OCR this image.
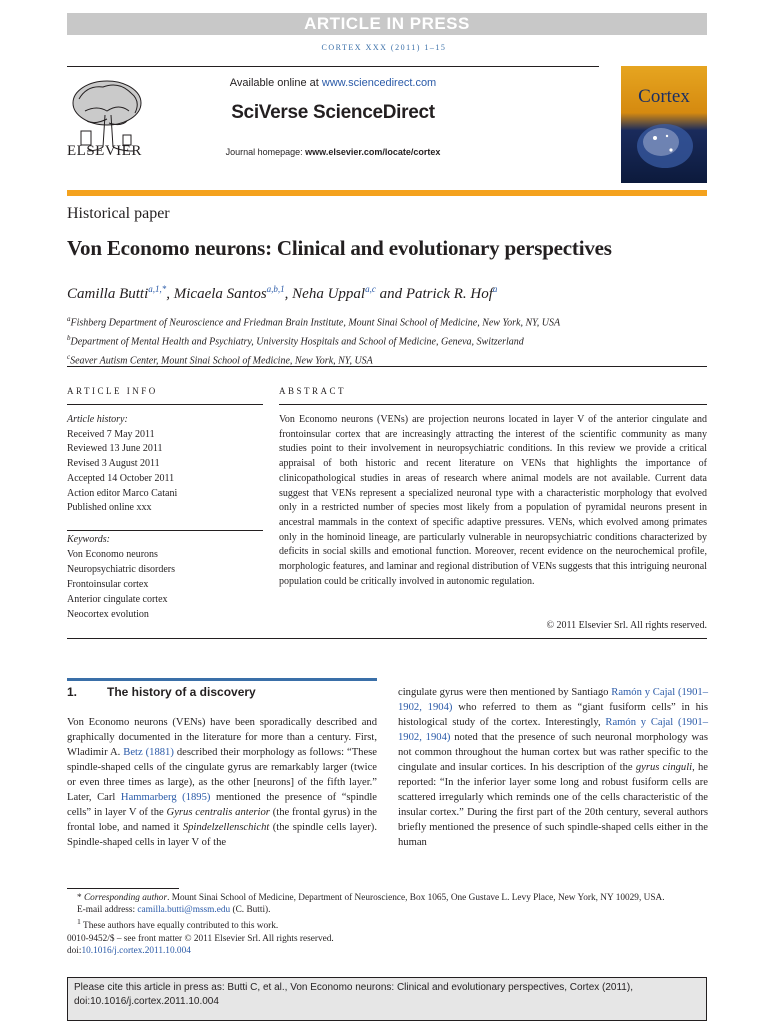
ARTICLE IN PRESS
CORTEX XXX (2011) 1–15
ELSEVIER
Available online at www.sciencedirect.com
SciVerse ScienceDirect
Journal homepage: www.elsevier.com/locate/cortex
Cortex
Historical paper
Von Economo neurons: Clinical and evolutionary perspectives
Camilla Butti$^{a,1,*}$, Micaela Santos$^{a,b,1}$, Neha Uppal$^{a,c}$ and Patrick R. Hof$^a$
$^a$Fishberg Department of Neuroscience and Friedman Brain Institute, Mount Sinai School of Medicine, New York, NY, USA
$^b$Department of Mental Health and Psychiatry, University Hospitals and School of Medicine, Geneva, Switzerland
$^c$Seaver Autism Center, Mount Sinai School of Medicine, New York, NY, USA
ARTICLE INFO	ABSTRACT
Article history:
Received 7 May 2011
Reviewed 13 June 2011
Revised 3 August 2011
Accepted 14 October 2011
Action editor Marco Catani
Published online xxx
Keywords:
Von Economo neurons
Neuropsychiatric disorders
Frontoinsular cortex
Anterior cingulate cortex
Neocortex evolution
Von Economo neurons (VENs) are projection neurons located in layer V of the anterior cingulate and frontoinsular cortex that are increasingly attracting the interest of the scientific community as many studies point to their involvement in neuropsychiatric conditions. In this review we provide a critical appraisal of both historic and recent literature on VENs that highlights the importance of clinicopathological studies in areas of research where animal models are not available. Current data suggest that VENs represent a specialized neuronal type with a characteristic morphology that evolved only in a restricted number of species most likely from a population of pyramidal neurons present in ancestral mammals in the context of specific adaptive pressures. VENs, which evolved among primates only in the hominoid lineage, are particularly vulnerable in neuropsychiatric conditions characterized by deficits in social skills and emotional function. Moreover, recent evidence on the neurochemical profile, morphologic features, and laminar and regional distribution of VENs suggests that this intriguing neuronal population could be critically involved in autonomic regulation.
© 2011 Elsevier Srl. All rights reserved.
1. The history of a discovery
Von Economo neurons (VENs) have been sporadically described and graphically documented in the literature for more than a century. First, Wladimir A. Betz (1881) described their morphology as follows: “These spindle-shaped cells of the cingulate gyrus are remarkably larger (twice or even three times as large), as the other [neurons] of the fifth layer.” Later, Carl Hammarberg (1895) mentioned the presence of “spindle cells” in layer V of the Gyrus centralis anterior (the frontal gyrus) in the frontal lobe, and named it Spindelzellenschicht (the spindle cells layer). Spindle-shaped cells in layer V of the
cingulate gyrus were then mentioned by Santiago Ramón y Cajal (1901–1902, 1904) who referred to them as “giant fusiform cells” in his histological study of the cortex. Interestingly, Ramón y Cajal (1901–1902, 1904) noted that the presence of such neuronal morphology was not common throughout the human cortex but was rather specific to the cingulate and insular cortices. In his description of the gyrus cinguli, he reported: “In the inferior layer some long and robust fusiform cells are scattered irregularly which reminds one of the cells characteristic of the insular cortex.” During the first part of the 20th century, several authors briefly mentioned the presence of such spindle-shaped cells either in the human
* Corresponding author. Mount Sinai School of Medicine, Department of Neuroscience, Box 1065, One Gustave L. Levy Place, New York, NY 10029, USA.
E-mail address: camilla.butti@mssm.edu (C. Butti).
$^1$ These authors have equally contributed to this work.
0010-9452/$ – see front matter © 2011 Elsevier Srl. All rights reserved.
doi:10.1016/j.cortex.2011.10.004
Please cite this article in press as: Butti C, et al., Von Economo neurons: Clinical and evolutionary perspectives, Cortex (2011), doi:10.1016/j.cortex.2011.10.004
